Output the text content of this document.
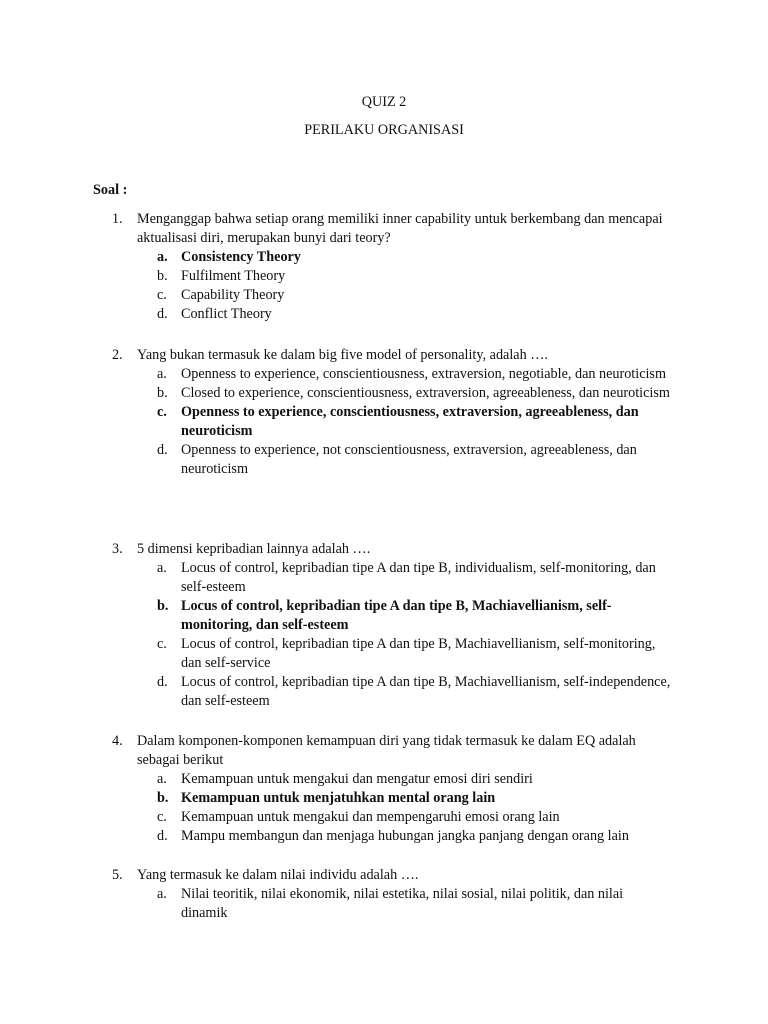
QUIZ 2
PERILAKU ORGANISASI
Soal :
1. Menganggap bahwa setiap orang memiliki inner capability untuk berkembang dan mencapai aktualisasi diri, merupakan bunyi dari teory?
a. Consistency Theory
b. Fulfilment Theory
c. Capability Theory
d. Conflict Theory
2. Yang bukan termasuk ke dalam big five model of personality, adalah ….
a. Openness to experience, conscientiousness, extraversion, negotiable, dan neuroticism
b. Closed to experience, conscientiousness, extraversion, agreeableness, dan neuroticism
c. Openness to experience, conscientiousness, extraversion, agreeableness, dan neuroticism
d. Openness to experience, not conscientiousness, extraversion, agreeableness, dan neuroticism
3. 5 dimensi kepribadian lainnya adalah ….
a. Locus of control, kepribadian tipe A dan tipe B, individualism, self-monitoring, dan self-esteem
b. Locus of control, kepribadian tipe A dan tipe B, Machiavellianism, self-monitoring, dan self-esteem
c. Locus of control, kepribadian tipe A dan tipe B, Machiavellianism, self-monitoring, dan self-service
d. Locus of control, kepribadian tipe A dan tipe B, Machiavellianism, self-independence, dan self-esteem
4. Dalam komponen-komponen kemampuan diri yang tidak termasuk ke dalam EQ adalah sebagai berikut
a. Kemampuan untuk mengakui dan mengatur emosi diri sendiri
b. Kemampuan untuk menjatuhkan mental orang lain
c. Kemampuan untuk mengakui dan mempengaruhi emosi orang lain
d. Mampu membangun dan menjaga hubungan jangka panjang dengan orang lain
5. Yang termasuk ke dalam nilai individu adalah ….
a. Nilai teoritik, nilai ekonomik, nilai estetika, nilai sosial, nilai politik, dan nilai dinamik
